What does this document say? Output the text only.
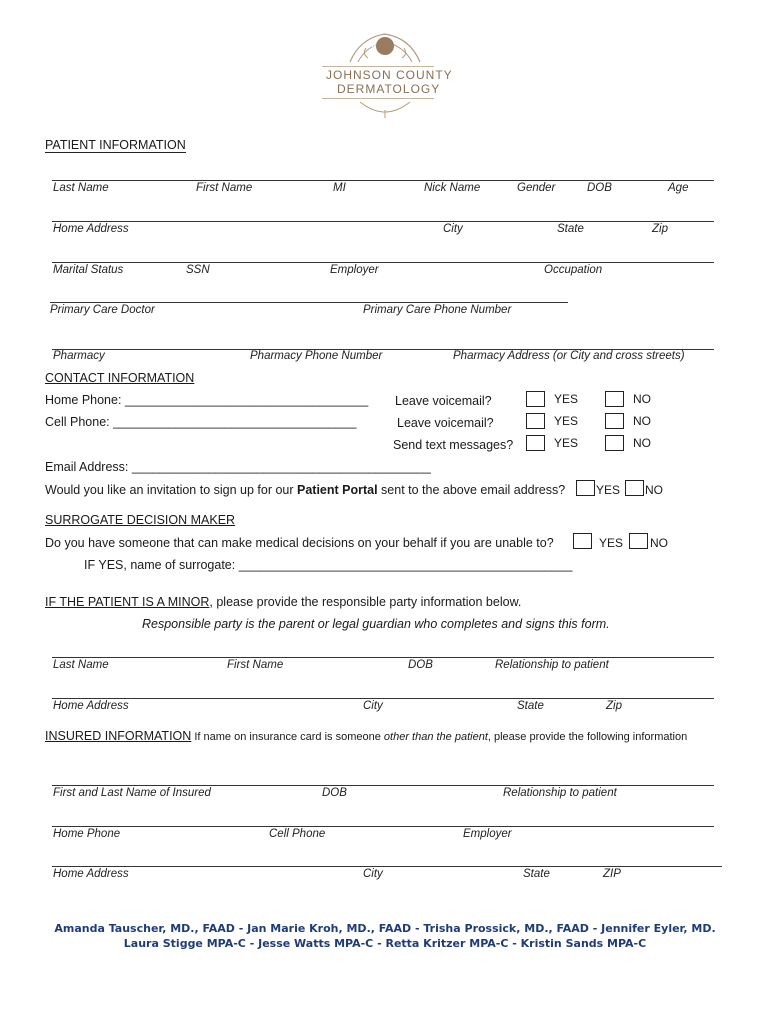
MI
JOHNSON COUNTY
DERMATOLOGY
PATIENT INFORMATION
Last Name	First Name	MI	Nick Name	Gender	DOB	Age
Home Address	City	State	Zip
Marital Status	SSN	Employer	Occupation
Primary Care Doctor	Primary Care Phone Number
Pharmacy	Pharmacy Phone Number	Pharmacy Address (or City and cross streets)
CONTACT INFORMATION
Home Phone: ___________________________________ Leave voicemail?	YES	NO
Cell Phone: ___________________________________	Leave voicemail?	YES	NO
Send text messages?	YES	NO
Email Address: ___________________________________________
Would you like an invitation to sign up for our Patient Portal sent to the above email address?	YES NO
SURROGATE DECISION MAKER
Do you have someone that can make medical decisions on your behalf if you are unable to?	YES NO
IF YES, name of surrogate: ________________________________________________
IF THE PATIENT IS A MINOR, please provide the responsible party information below.
Responsible party is the parent or legal guardian who completes and signs this form.
Last Name	First Name	DOB	Relationship to patient
Home Address	City	State	Zip
INSURED INFORMATION If name on insurance card is someone other than the patient, please provide the following information
First and Last Name of Insured	DOB	Relationship to patient
Home Phone	Cell Phone	Employer
Home Address	City	State	ZIP
Amanda Tauscher, MD., FAAD - Jan Marie Kroh, MD., FAAD - Trisha Prossick, MD., FAAD - Jennifer Eyler, MD.
Laura Stigge MPA-C - Jesse Watts MPA-C - Retta Kritzer MPA-C - Kristin Sands MPA-C
